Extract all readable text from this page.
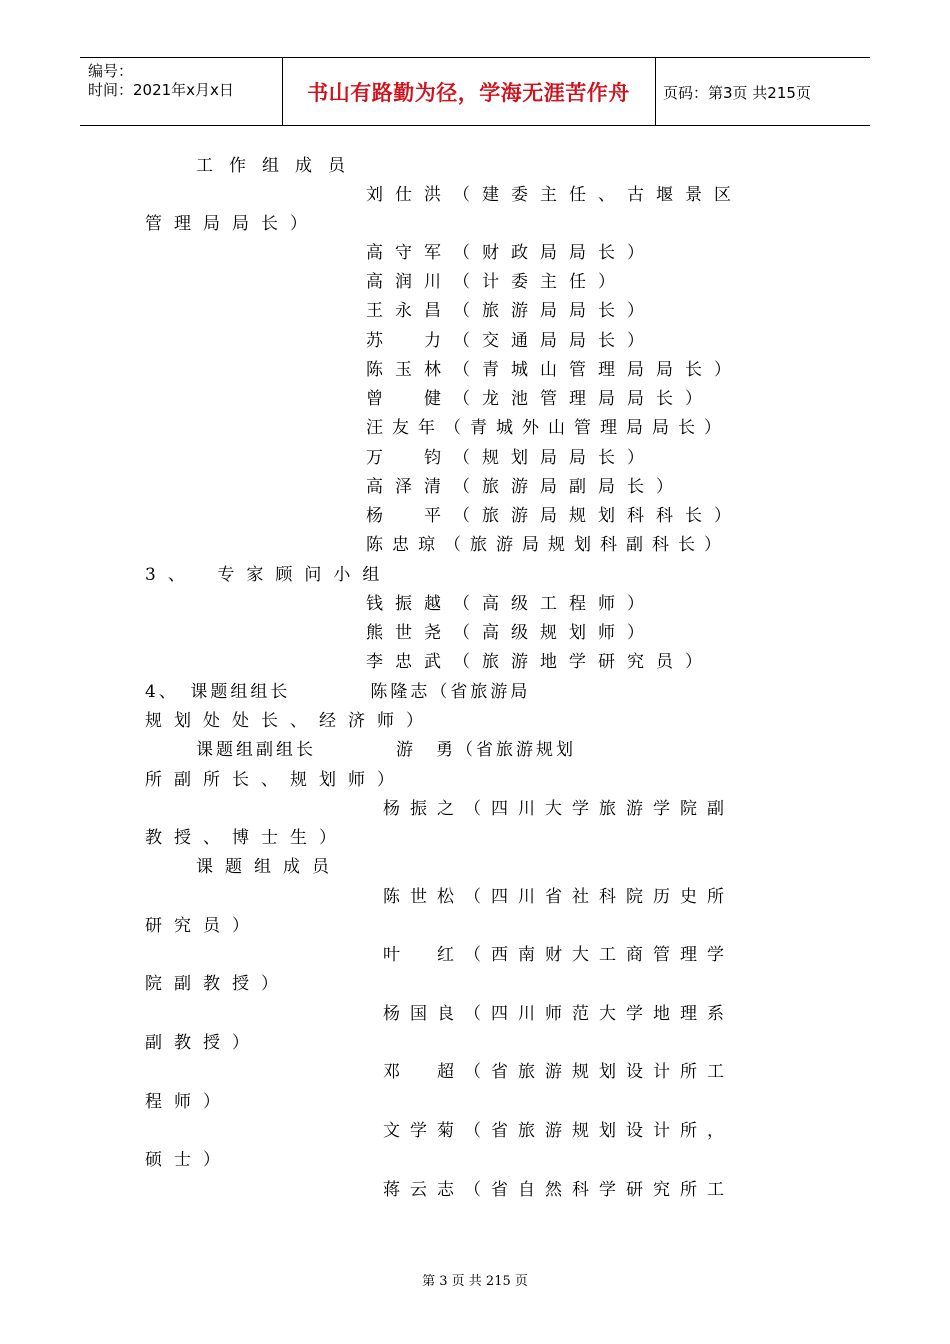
编号：
时间：2021年x月x日	书山有路勤为径，学海无涯苦作舟	页码：第3页 共215页
工作组成员
刘仕洪（建委主任、古堰景区
管理局局长）
高守军（财政局局长）
高润川（计委主任）
王永昌（旅游局局长）
苏　力（交通局局长）
陈玉林（青城山管理局局长）
曾　健（龙池管理局局长）
汪友年（青城外山管理局局长）
万　钧（规划局局长）
高泽清（旅游局副局长）
杨　平（旅游局规划科科长）
陈忠琼（旅游局规划科副科长）
3、　专家顾问小组
钱振越（高级工程师）
熊世尧（高级规划师）
李忠武（旅游地学研究员）
4、　课题组组长　　　　陈隆志（省旅游局
规划处处长、经济师）
课题组副组长　　　　游　勇（省旅游规划
所副所长、规划师）
杨振之（四川大学旅游学院副
教授、博士生）
课题组成员
陈世松（四川省社科院历史所
研究员）
叶　红（西南财大工商管理学
院副教授）
杨国良（四川师范大学地理系
副教授）
邓　超（省旅游规划设计所工
程师）
文学菊（省旅游规划设计所，
硕士）
蒋云志（省自然科学研究所工
第 3 页 共 215 页
